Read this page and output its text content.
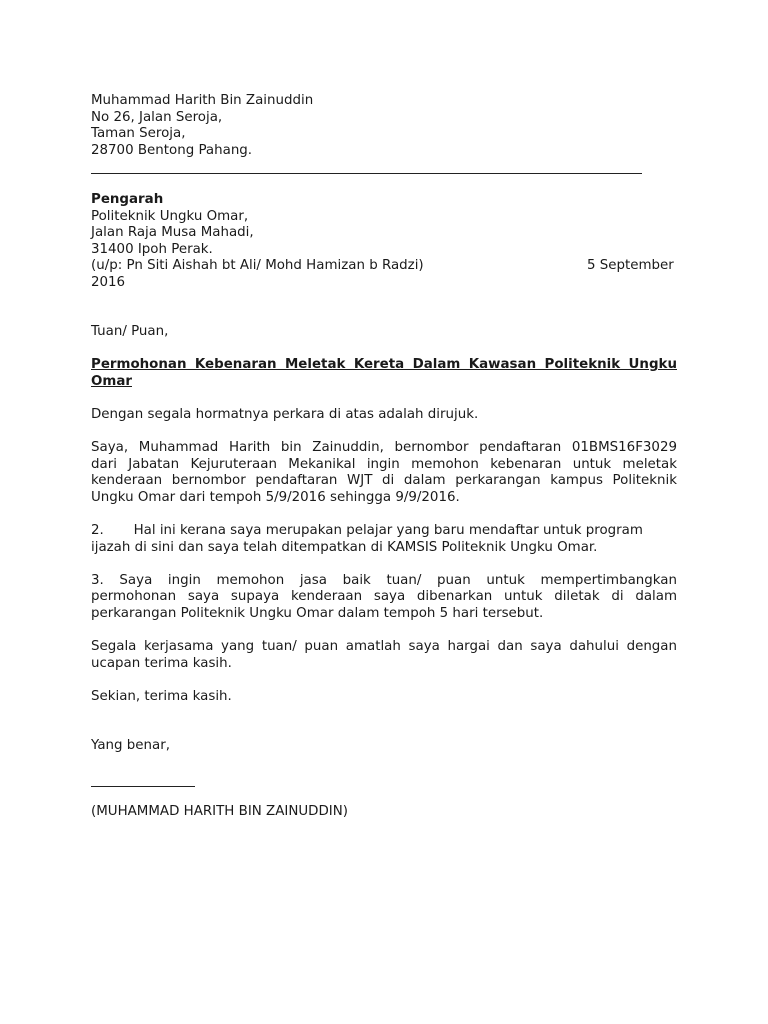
Muhammad Harith Bin Zainuddin
No 26, Jalan Seroja,
Taman Seroja,
28700 Bentong Pahang.
Pengarah
Politeknik Ungku Omar,
Jalan Raja Musa Mahadi,
31400 Ipoh Perak.
(u/p: Pn Siti Aishah bt Ali/ Mohd Hamizan b Radzi)	5 September
2016
Tuan/ Puan,
Permohonan Kebenaran Meletak Kereta Dalam Kawasan Politeknik Ungku
Omar
Dengan segala hormatnya perkara di atas adalah dirujuk.
Saya, Muhammad Harith bin Zainuddin, bernombor pendaftaran 01BMS16F3029
dari Jabatan Kejuruteraan Mekanikal ingin memohon kebenaran untuk meletak
kenderaan bernombor pendaftaran WJT di dalam perkarangan kampus Politeknik
Ungku Omar dari tempoh 5/9/2016 sehingga 9/9/2016.
2.       Hal ini kerana saya merupakan pelajar yang baru mendaftar untuk program
ijazah di sini dan saya telah ditempatkan di KAMSIS Politeknik Ungku Omar.
3. Saya ingin memohon jasa baik tuan/ puan untuk mempertimbangkan
permohonan saya supaya kenderaan saya dibenarkan untuk diletak di dalam
perkarangan Politeknik Ungku Omar dalam tempoh 5 hari tersebut.
Segala kerjasama yang tuan/ puan amatlah saya hargai dan saya dahului dengan
ucapan terima kasih.
Sekian, terima kasih.
Yang benar,
(MUHAMMAD HARITH BIN ZAINUDDIN)
